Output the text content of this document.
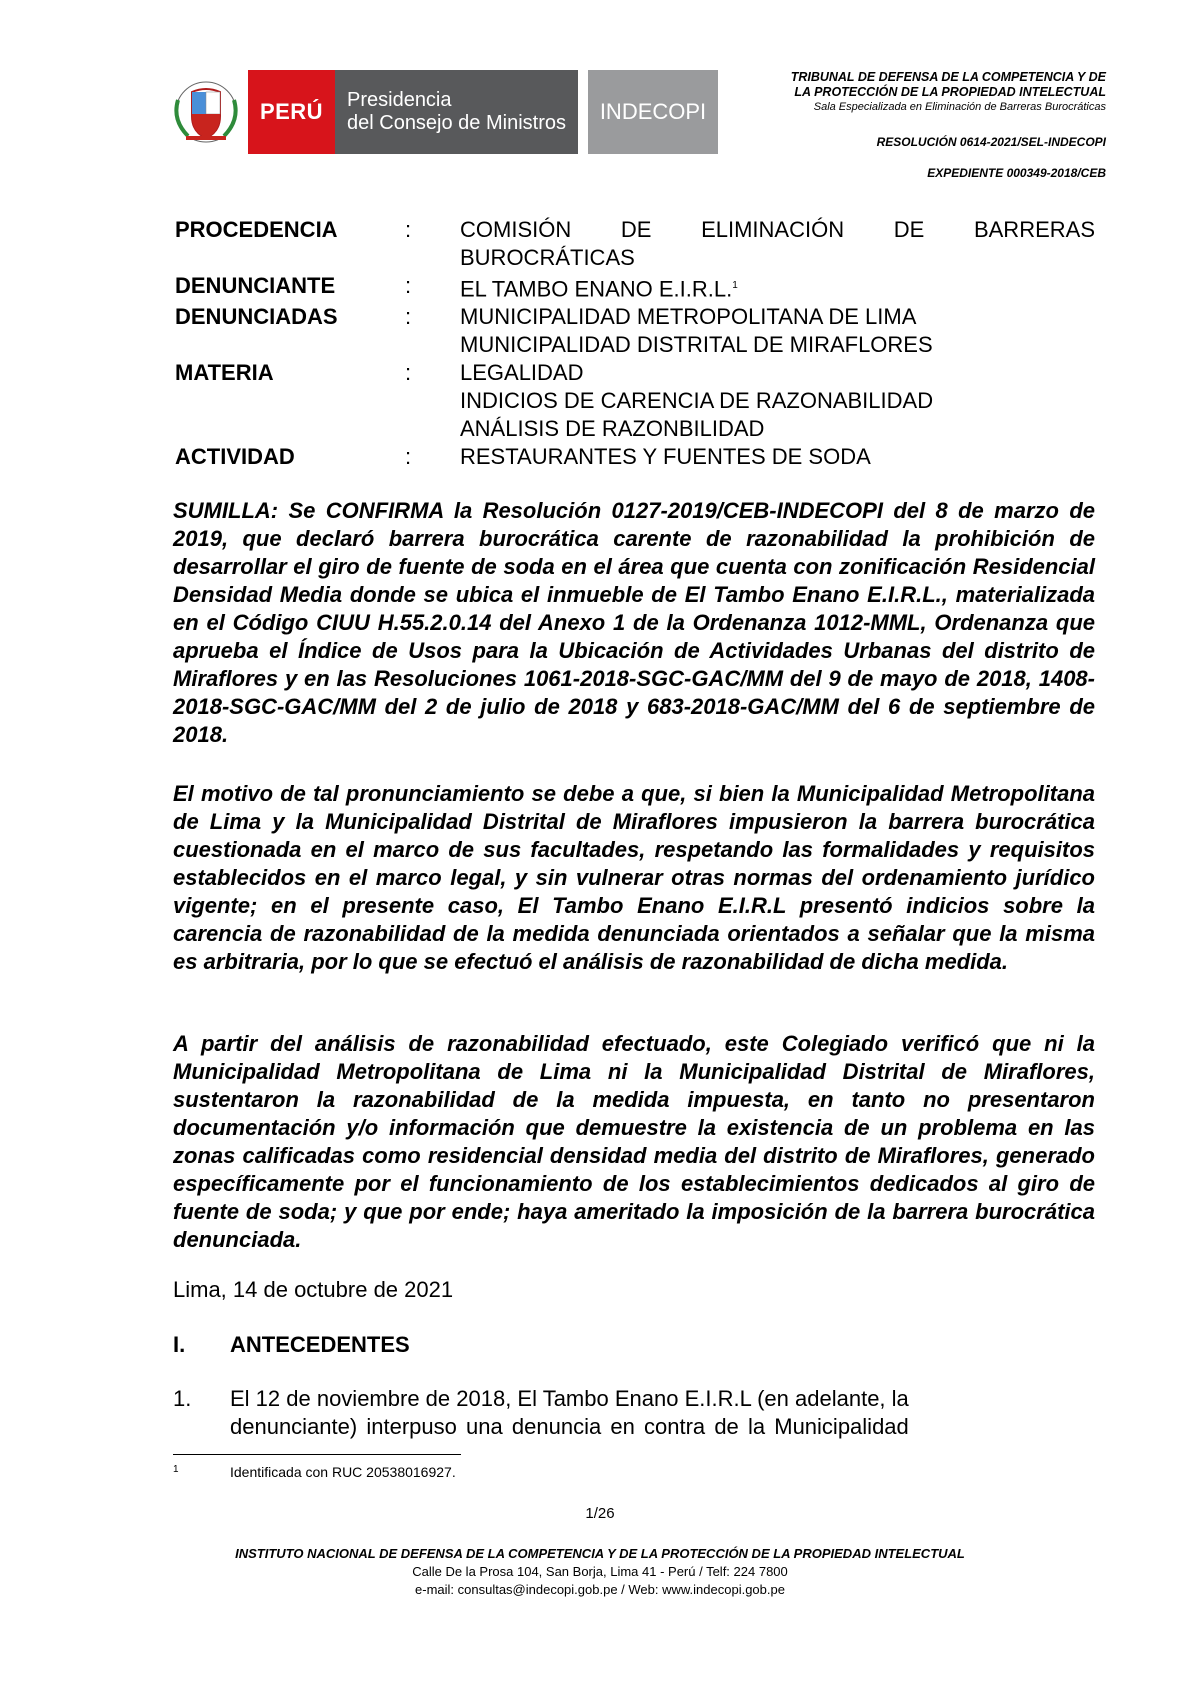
PERÚ	Presidencia
del Consejo de Ministros	INDECOPI
TRIBUNAL DE DEFENSA DE LA COMPETENCIA Y DE
LA PROTECCIÓN DE LA PROPIEDAD INTELECTUAL
Sala Especializada en Eliminación de Barreras Burocráticas
RESOLUCIÓN 0614-2021/SEL-INDECOPI
EXPEDIENTE 000349-2018/CEB
PROCEDENCIA	:	COMISIÓN DE ELIMINACIÓN DE BARRERAS
BUROCRÁTICAS
DENUNCIANTE	:	EL TAMBO ENANO E.I.R.L.$^1$
DENUNCIADAS	:	MUNICIPALIDAD METROPOLITANA DE LIMA
MUNICIPALIDAD DISTRITAL DE MIRAFLORES
MATERIA	:	LEGALIDAD
INDICIOS DE CARENCIA DE RAZONABILIDAD
ANÁLISIS DE RAZONBILIDAD
ACTIVIDAD	:	RESTAURANTES Y FUENTES DE SODA

SUMILLA: Se CONFIRMA la Resolución 0127-2019/CEB-INDECOPI del 8 de marzo de 2019, que declaró barrera burocrática carente de razonabilidad la prohibición de desarrollar el giro de fuente de soda en el área que cuenta con zonificación Residencial Densidad Media donde se ubica el inmueble de El Tambo Enano E.I.R.L., materializada en el Código CIUU H.55.2.0.14 del Anexo 1 de la Ordenanza 1012-MML, Ordenanza que aprueba el Índice de Usos para la Ubicación de Actividades Urbanas del distrito de Miraflores y en las Resoluciones 1061-2018-SGC-GAC/MM del 9 de mayo de 2018, 1408-2018-SGC-GAC/MM del 2 de julio de 2018 y 683-2018-GAC/MM del 6 de septiembre de 2018.

El motivo de tal pronunciamiento se debe a que, si bien la Municipalidad Metropolitana de Lima y la Municipalidad Distrital de Miraflores impusieron la barrera burocrática cuestionada en el marco de sus facultades, respetando las formalidades y requisitos establecidos en el marco legal, y sin vulnerar otras normas del ordenamiento jurídico vigente; en el presente caso, El Tambo Enano E.I.R.L presentó indicios sobre la carencia de razonabilidad de la medida denunciada orientados a señalar que la misma es arbitraria, por lo que se efectuó el análisis de razonabilidad de dicha medida.

A partir del análisis de razonabilidad efectuado, este Colegiado verificó que ni la Municipalidad Metropolitana de Lima ni la Municipalidad Distrital de Miraflores, sustentaron la razonabilidad de la medida impuesta, en tanto no presentaron documentación y/o información que demuestre la existencia de un problema en las zonas calificadas como residencial densidad media del distrito de Miraflores, generado específicamente por el funcionamiento de los establecimientos dedicados al giro de fuente de soda; y que por ende; haya ameritado la imposición de la barrera burocrática denunciada.

Lima, 14 de octubre de 2021
I. ANTECEDENTES
1.	El 12 de noviembre de 2018, El Tambo Enano E.I.R.L (en adelante, la
denunciante) interpuso una denuncia en contra de la Municipalidad
1	Identificada con RUC 20538016927.
1/26
INSTITUTO NACIONAL DE DEFENSA DE LA COMPETENCIA Y DE LA PROTECCIÓN DE LA PROPIEDAD INTELECTUAL
Calle De la Prosa 104, San Borja, Lima 41 - Perú / Telf: 224 7800
e-mail: consultas@indecopi.gob.pe / Web: www.indecopi.gob.pe
